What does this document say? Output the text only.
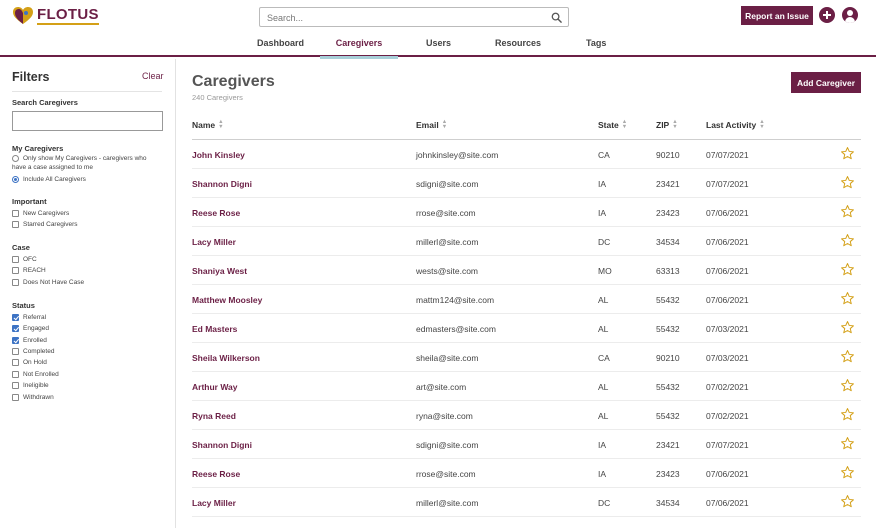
FLOTUS
Search...	Report an Issue
Dashboard	Caregivers	Users	Resources	Tags
Filters	Clear
Search Caregivers
My Caregivers
Only show My Caregivers - caregivers who have a case assigned to me
Include All Caregivers
Important
New Caregivers
Starred Caregivers
Case
OFC
REACH
Does Not Have Case
Status
Referral
Engaged
Enrolled
Completed
On Hold
Not Enrolled
Ineligible
Withdrawn
Caregivers
240 Caregivers
Add Caregiver
Name ▲
▼	Email ▲
▼	State ▲
▼	ZIP ▲
▼	Last Activity ▲
▼
John Kinsley	johnkinsley@site.com	CA	90210	07/07/2021
Shannon Digni	sdigni@site.com	IA	23421	07/07/2021
Reese Rose	rrose@site.com	IA	23423	07/06/2021
Lacy Miller	millerl@site.com	DC	34534	07/06/2021
Shaniya West	wests@site.com	MO	63313	07/06/2021
Matthew Moosley	mattm124@site.com	AL	55432	07/06/2021
Ed Masters	edmasters@site.com	AL	55432	07/03/2021
Sheila Wilkerson	sheila@site.com	CA	90210	07/03/2021
Arthur Way	art@site.com	AL	55432	07/02/2021
Ryna Reed	ryna@site.com	AL	55432	07/02/2021
Shannon Digni	sdigni@site.com	IA	23421	07/07/2021
Reese Rose	rrose@site.com	IA	23423	07/06/2021
Lacy Miller	millerl@site.com	DC	34534	07/06/2021
